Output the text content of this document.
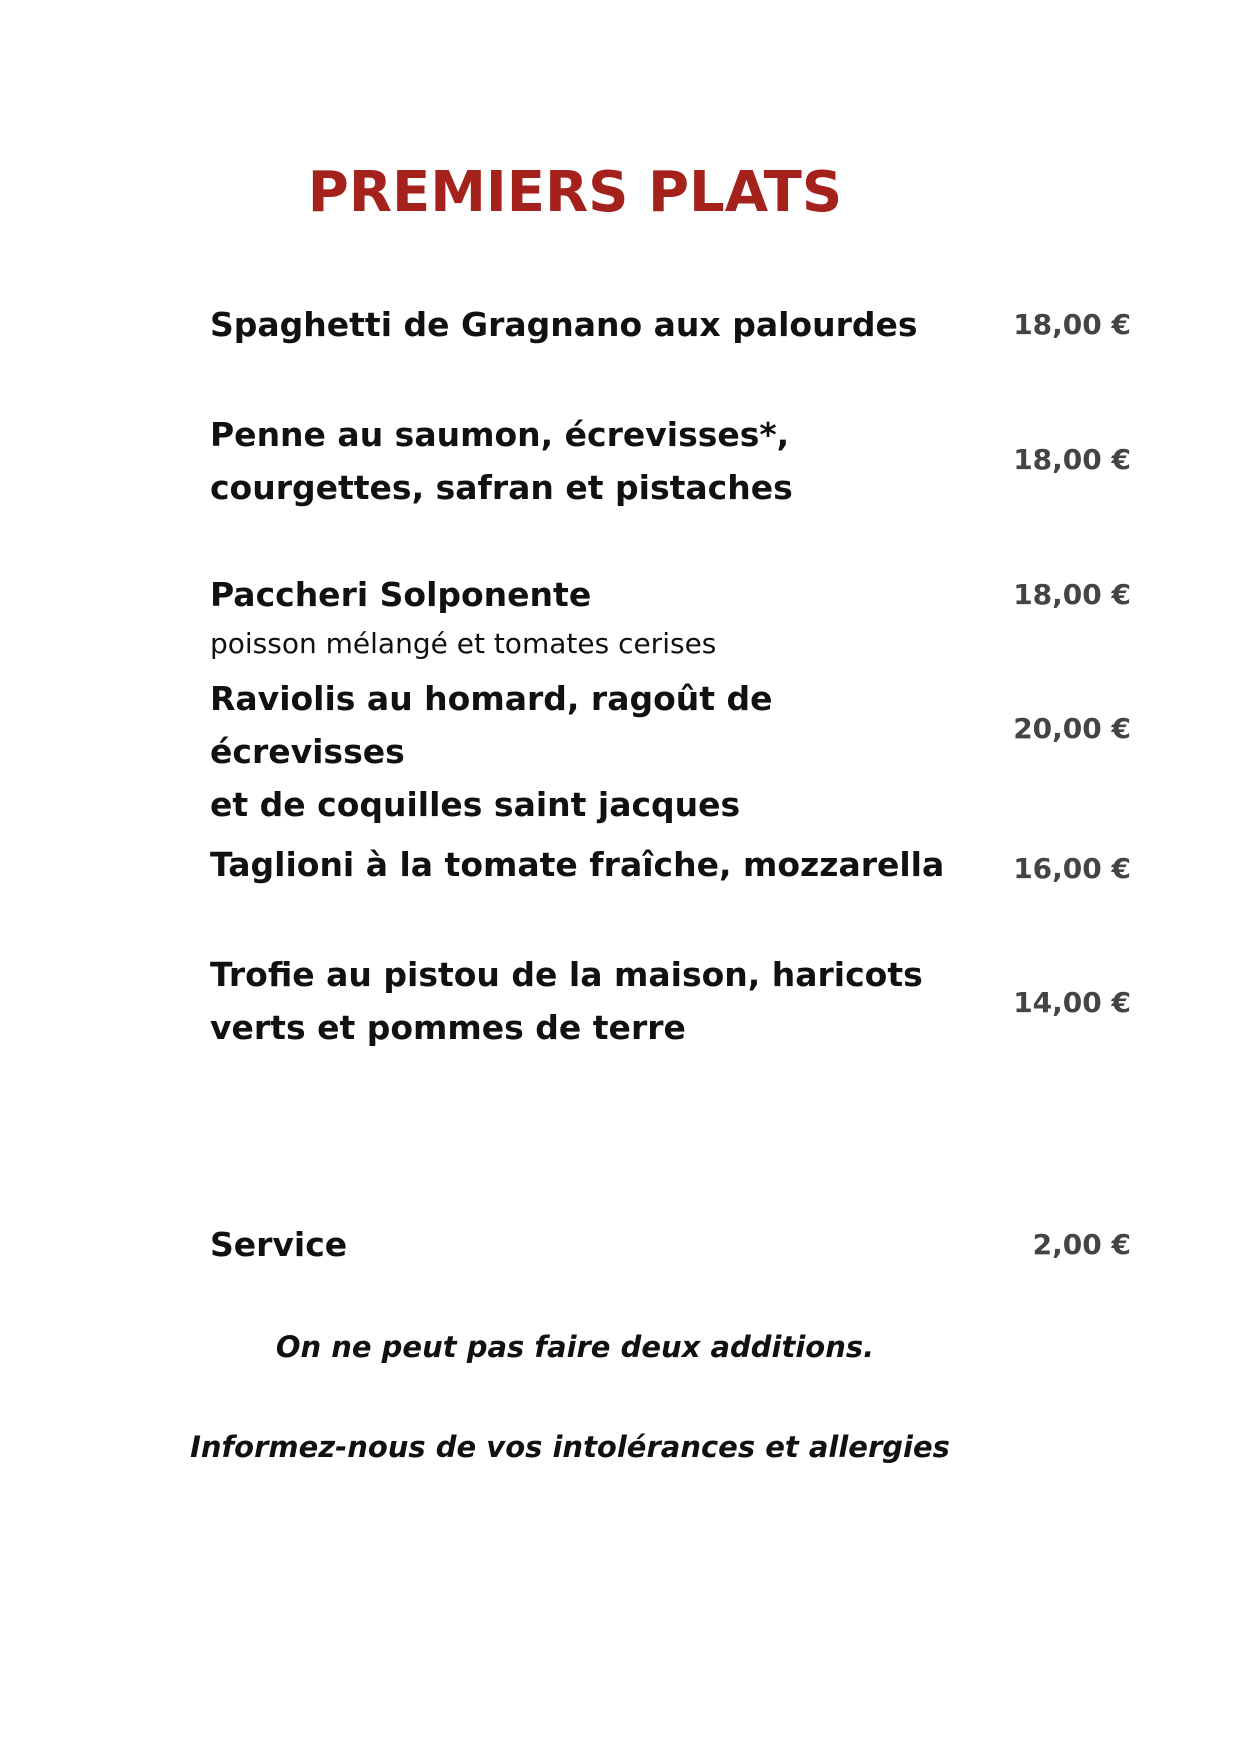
PREMIERS PLATS
Spaghetti de Gragnano aux palourdes	18,00 €
Penne au saumon, écrevisses*,
courgettes, safran et pistaches
18,00 €
Paccheri Solponente
poisson mélangé et tomates cerises
18,00 €
Raviolis au homard, ragoût de écrevisses
et de coquilles saint jacques
20,00 €
Taglioni à la tomate fraîche, mozzarella 16,00 €
Trofie au pistou de la maison, haricots
verts et pommes de terre
14,00 €
Service	2,00 €

On ne peut pas faire deux additions.

Informez-nous de vos intolérances et allergies
